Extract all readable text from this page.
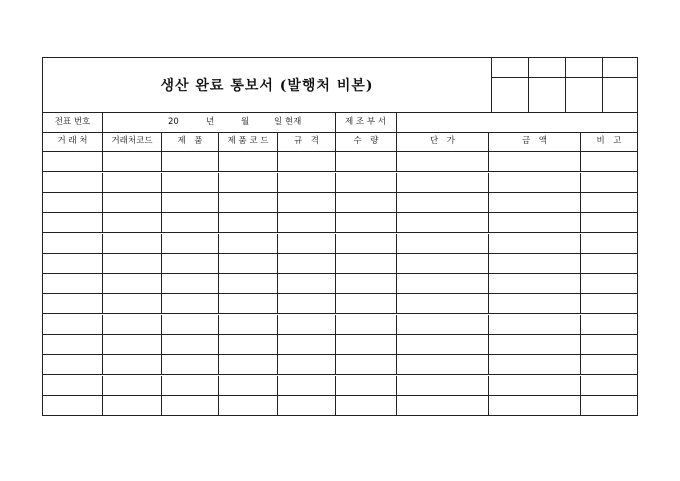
생산 완료 통보서 (발행처 비본)
전표 번호	20	년	월	일 현재	제 조 부 서
거 래 처	거래처코드	제　품	제 품 코 드	규　격	수　량	단　가	금　액	비　고
